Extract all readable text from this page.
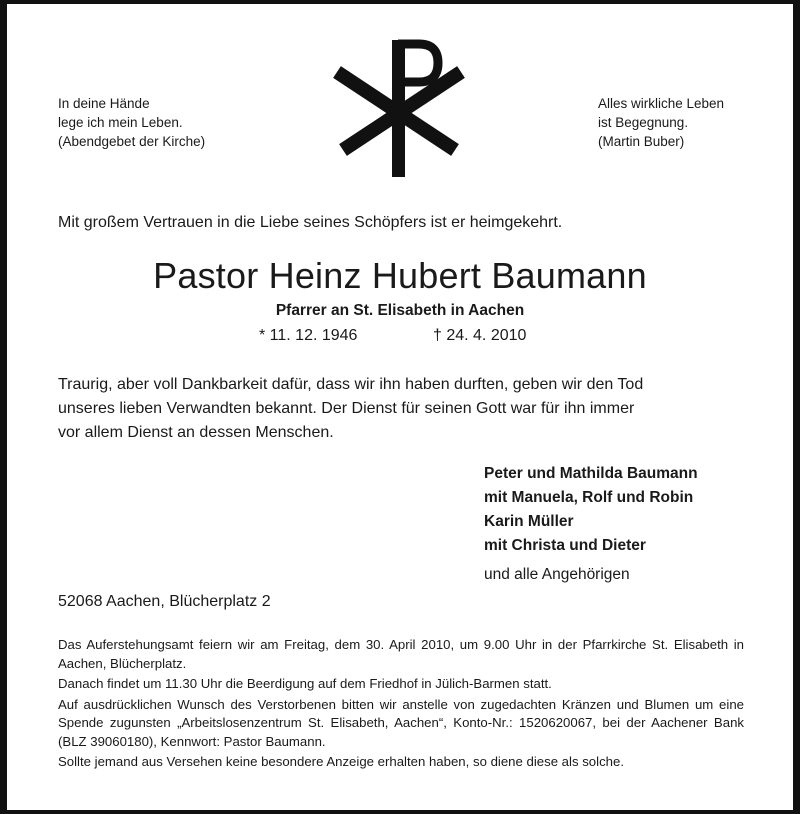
In deine Hände
lege ich mein Leben.
(Abendgebet der Kirche)
Alles wirkliche Leben
ist Begegnung.
(Martin Buber)
Mit großem Vertrauen in die Liebe seines Schöpfers ist er heimgekehrt.
Pastor Heinz Hubert Baumann
Pfarrer an St. Elisabeth in Aachen
* 11. 12. 1946	† 24. 4. 2010
Traurig, aber voll Dankbarkeit dafür, dass wir ihn haben durften, geben wir den Tod
unseres lieben Verwandten bekannt. Der Dienst für seinen Gott war für ihn immer
vor allem Dienst an dessen Menschen.
Peter und Mathilda Baumann
mit Manuela, Rolf und Robin
Karin Müller
mit Christa und Dieter
und alle Angehörigen
52068 Aachen, Blücherplatz 2

Das Auferstehungsamt feiern wir am Freitag, dem 30. April 2010, um 9.00 Uhr in der Pfarrkirche St. Elisabeth in Aachen, Blücherplatz.

Danach findet um 11.30 Uhr die Beerdigung auf dem Friedhof in Jülich-Barmen statt.

Auf ausdrücklichen Wunsch des Verstorbenen bitten wir anstelle von zugedachten Kränzen und Blumen um eine Spende zugunsten „Arbeitslosenzentrum St. Elisabeth, Aachen“, Konto-Nr.: 1520620067, bei der Aachener Bank (BLZ 39060180), Kennwort: Pastor Baumann.

Sollte jemand aus Versehen keine besondere Anzeige erhalten haben, so diene diese als solche.
